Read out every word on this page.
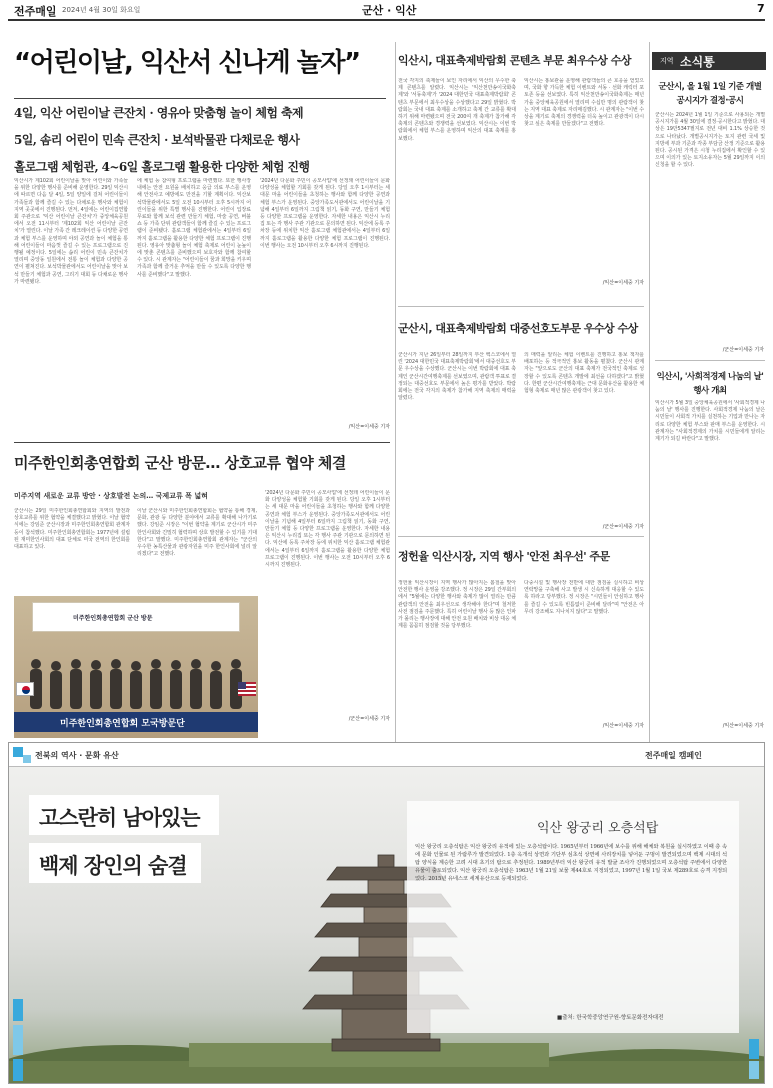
전주매일 2024년 4월 30일 화요일	군산 · 익산	7
“어린이날, 익산서 신나게 놀자”
4일, 익산 어린이날 큰잔치 · 영유아 맞춤형 놀이 체험 축제
5일, 솜리 어린이 민속 큰잔치 · 보석박물관 다채로운 행사
홀로그램 체험관, 4~6일 홀로그램 활용한 다양한 체험 진행
익산시가 제102회 어린이날을 맞아 어린이와 가족들을 위한 다양한 행사를 준비해 운영한다. 29일 익산시에 따르면 다음 달 4일, 5일 양일에 걸쳐 어린이들이 가족들과 함께 즐길 수 있는 다채로운 행사와 체험이 지역 곳곳에서 진행된다. 먼저, 4일에는 어린이집연합회 주관으로 '익산 어린이날 큰잔치'가 중앙체육공원에서 오전 11시부터 '제102회 익산 어린이날 큰잔치'가 열린다. 이날 가족 간 레크레이션 등 다양한 공연과 체험 부스를 운영하며 야외 공연과 놀이 체험을 통해 어린이들이 마음껏 즐길 수 있는 프로그램으로 진행될 예정이다. 5일에는 솜리 어린이 민속 큰잔치가 열리며 중앙동 일원에서 전통 놀이 체험과 다양한 공연이 펼쳐진다. 보석박물관에서도 어린이날을 맞아 보석 만들기 체험과 공연, 그리기 대회 등 다채로운 행사가 마련됐다.
에 체험 등 참여형 프로그램을 마련했다. 또한 행사장 내에는 안전 요원을 배치하고 응급 의료 부스를 운영해 안전사고 예방에도 만전을 기할 계획이다. 익산보석박물관에서도 5일 오전 10시부터 오후 5시까지 어린이들을 위한 특별 행사를 진행한다. 어린이 입장료 무료와 함께 보석 관련 만들기 체험, 마술 공연, 버블쇼 등 가족 단위 관람객들이 함께 즐길 수 있는 프로그램이 준비됐다. 홀로그램 체험관에서는 4일부터 6일까지 홀로그램을 활용한 다양한 체험 프로그램이 진행된다. 영유아 맞춤형 놀이 체험 축제로 어린이 눈높이에 맞춘 콘텐츠를 준비했으며 보호자와 함께 참여할 수 있다. 시 관계자는 "어린이들이 꿈과 희망을 키우며 가족과 함께 즐거운 추억을 만들 수 있도록 다양한 행사를 준비했다"고 말했다.
'2024년 다문화 주민이 공모사업'에 선정돼 어린이들이 문화 다양성을 체험할 기회를 갖게 된다. 당일 오후 1시부터는 세 대문 마을 어린이들을 초청하는 행사와 함께 다양한 공연과 체험 부스가 운영된다. 중앙가족도서관에서도 어린이날을 기념해 4일부터 6일까지 그림책 읽기, 동화 구연, 만들기 체험 등 다양한 프로그램을 운영한다. 자세한 내용은 익산시 누리집 또는 각 행사 주관 기관으로 문의하면 된다. 익산에 등록 주차장 등에 위치한 익산 홀로그램 체험관에서는 4일부터 6일까지 홀로그램을 활용한 다양한 체험 프로그램이 진행된다. 이번 행사는 오전 10시부터 오후 6시까지 진행된다.
/익산=이세중 기자
익산시, 대표축제박람회 콘텐츠 부문 최우수상 수상
전국 각지의 축제들이 보인 자리에서 익산의 우수한 축제 콘텐츠를 알렸다. 익산시는 '익산천만송이국화축제'와 '서동축제'가 '2024 대한민국 대표축제박람회' 콘텐츠 부문에서 최우수상을 수상했다고 29일 밝혔다. 박람회는 국내 대표 축제를 소개하고 축제 간 교류를 확대하기 위해 마련됐으며 전국 200여 개 축제가 참가해 각 축제의 콘텐츠와 경쟁력을 선보였다. 익산시는 이번 박람회에서 체험 부스를 운영하며 익산의 대표 축제를 홍보했다.
익산시는 홍보관을 운영해 관람객들의 큰 호응을 얻었으며, 국화 향 가득한 체험 이벤트와 서동 · 선화 캐릭터 포토존 등을 선보였다. 특히 익산천만송이국화축제는 매년 가을 중앙체육공원에서 열리며 수십만 명의 관람객이 찾는 지역 대표 축제로 자리매김했다. 시 관계자는 "이번 수상을 계기로 축제의 경쟁력을 더욱 높이고 관광객이 다시 찾고 싶은 축제를 만들겠다"고 전했다.
/익산=이세중 기자
군산시, 대표축제박람회 대중선호도부문 우수상 수상
군산시가 지난 26일부터 28일까지 부산 벡스코에서 열린 '2024 대한민국 대표축제박람회'에서 대중선호도 부문 우수상을 수상했다. 군산시는 이번 박람회에 대표 축제인 군산시간여행축제를 선보였으며, 관람객 투표로 결정되는 대중선호도 부문에서 높은 평가를 받았다. 박람회에는 전국 각지의 축제가 참가해 지역 축제의 매력을 알렸다.
의 매력을 알리는 체험 이벤트를 진행하고 홍보 책자를 배포하는 등 적극적인 홍보 활동을 펼쳤다. 군산시 관계자는 "앞으로도 군산의 대표 축제가 전국적인 축제로 성장할 수 있도록 콘텐츠 개발에 최선을 다하겠다"고 밝혔다. 한편 군산시간여행축제는 근대 문화유산을 활용한 체험형 축제로 매년 많은 관광객이 찾고 있다.
/군산=이세중 기자
정헌율 익산시장, 지역 행사 '안전 최우선' 주문
정헌율 익산시장이 지역 행사가 많아지는 봄철을 맞아 안전한 행사 운영을 강조했다. 정 시장은 29일 간부회의에서 "5월에는 다양한 행사와 축제가 많이 열리는 만큼 관람객의 안전을 최우선으로 생각해야 한다"며 철저한 사전 점검을 주문했다. 특히 어린이날 행사 등 많은 인파가 몰리는 행사장에 대해 안전 요원 배치와 비상 대응 체계를 꼼꼼히 점검할 것을 당부했다.
다중시설 및 행사장 전반에 대한 점검을 실시하고 비상 연락망을 구축해 사고 발생 시 신속하게 대응할 수 있도록 하라고 당부했다. 정 시장은 "시민들이 안심하고 행사를 즐길 수 있도록 빈틈없이 준비해 달라"며 "안전은 아무리 강조해도 지나치지 않다"고 말했다.
/익산=이세중 기자
지역 소식통
군산시, 올 1월 1일 기준 개별공시지가 결정·공시
군산시는 2024년 1월 1일 기준으로 사용되는 개별공시지가를 4월 30일에 결정·공시한다고 밝혔다. 대상은 19만5347필지로 전년 대비 1.1% 상승한 것으로 나타났다. 개별공시지가는 토지 관련 국세 및 지방세 부과 기준과 각종 부담금 산정 기준으로 활용된다. 공시된 가격은 시청 누리집에서 확인할 수 있으며 이의가 있는 토지소유자는 5월 29일까지 이의신청을 할 수 있다.
/군산=이세중 기자
익산시, '사회적경제 나눔의 날' 행사 개최
익산시가 5월 3일 중앙체육공원에서 '사회적경제 나눔의 날' 행사를 진행한다. 사회적경제 나눔의 날은 시민들이 사회적 가치를 실천하는 기업과 만나는 자리로 다양한 체험 부스와 판매 부스를 운영한다. 시 관계자는 "사회적경제의 가치를 시민들에게 알리는 계기가 되길 바란다"고 말했다.
/익산=이세중 기자
미주한인회총연합회 군산 방문… 상호교류 협약 체결
미주지역 새로운 교류 방안 · 상호발전 논의… 국제교류 폭 넓혀
군산시는 29일 미주한인회총연합회와 지역의 발전과 상호교류를 위한 협약을 체결했다고 밝혔다. 이날 협약식에는 강임준 군산시장과 미주한인회총연합회 관계자 등이 참석했다. 미주한인회총연합회는 1977년에 설립된 재미한인사회의 대표 단체로 미국 전역의 한인회를 대표하고 있다.
이날 군산시와 미주한인회총연합회는 협약을 통해 경제, 문화, 관광 등 다양한 분야에서 교류를 확대해 나가기로 했다. 강임준 시장은 "이번 협약을 계기로 군산시가 미주 한인사회와 긴밀히 협력하며 상호 발전할 수 있기를 기대한다"고 말했다. 미주한인회총연합회 관계자는 "군산의 우수한 농특산물과 관광자원을 미주 한인사회에 널리 알리겠다"고 전했다.
'2024년 다문화 주민이 공모사업'에 선정돼 어린이들이 문화 다양성을 체험할 기회를 갖게 된다. 당일 오후 1시부터는 세 대문 마을 어린이들을 초청하는 행사와 함께 다양한 공연과 체험 부스가 운영된다. 중앙가족도서관에서도 어린이날을 기념해 4일부터 6일까지 그림책 읽기, 동화 구연, 만들기 체험 등 다양한 프로그램을 운영한다. 자세한 내용은 익산시 누리집 또는 각 행사 주관 기관으로 문의하면 된다. 익산에 등록 주차장 등에 위치한 익산 홀로그램 체험관에서는 4일부터 6일까지 홀로그램을 활용한 다양한 체험 프로그램이 진행된다. 이번 행사는 오전 10시부터 오후 6시까지 진행된다.
/군산=이세중 기자
미주한인회총연합회 군산 방문
미주한인회총연합회 모국방문단
전북의 역사 · 문화 유산	전주매일 캠페인
고스란히 남아있는
백제 장인의 숨결
익산 왕궁리 오층석탑
익산 왕궁리 오층석탑은 익산 왕궁리 유적에 있는 오층석탑이다. 1965년부터 1966년에 보수를 위해 해체와 복원을 실시하였고 이때 층 속에 문화 인물로 된 가람루가 발견되었다. 1층 옥개석 상면과 기단부 심초석 상면에 사리장치를 넣어둔 구멍이 발견되었으며 백제 시대의 석탑 양식을 계승한 고려 시대 초기의 탑으로 추정된다. 1989년부터 익산 왕궁리 유적 발굴 조사가 진행되었으며 오층석탑 주변에서 다양한 유물이 출토되었다. 익산 왕궁리 오층석탑은 1963년 1월 21일 보물 제44호로 지정되었고, 1997년 1월 1일 국보 제289호로 승격 지정되었다. 2015년 유네스코 세계유산으로 등재되었다.
■출처: 한국학중앙연구원-향토문화전자대전
